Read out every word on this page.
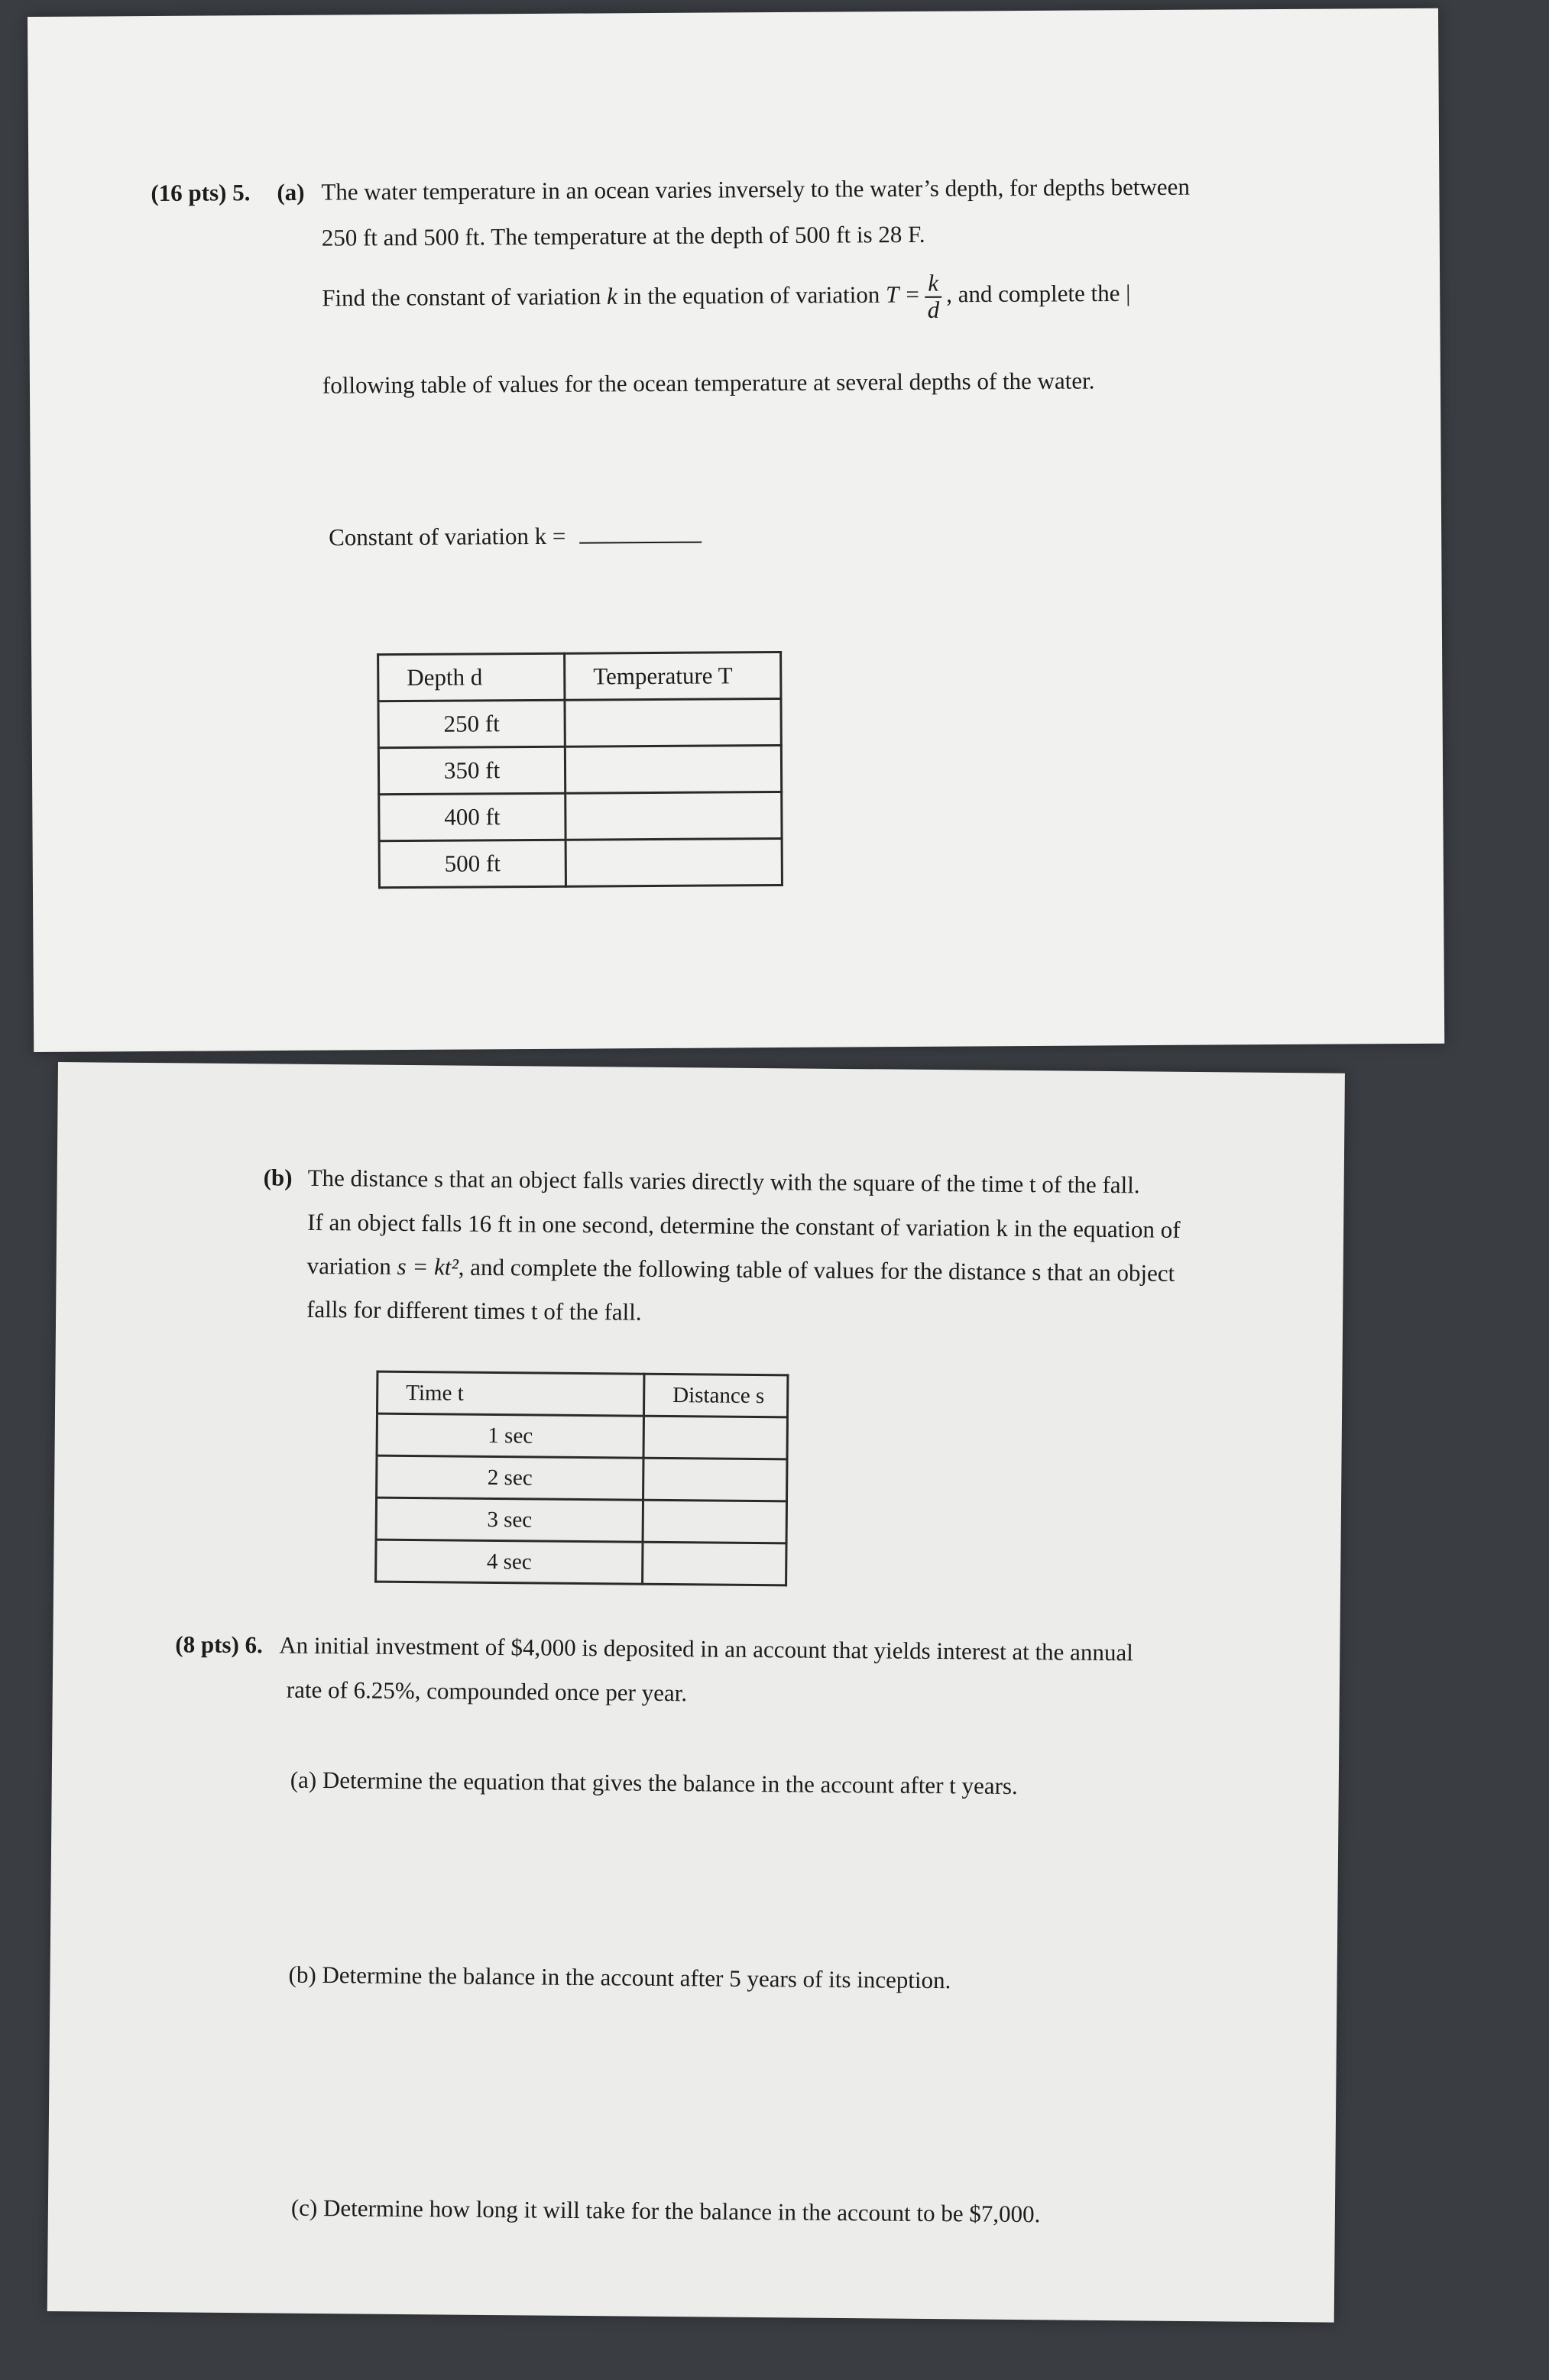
(16 pts) 5. (a) The water temperature in an ocean varies inversely to the water’s depth, for depths between
250 ft and 500 ft. The temperature at the depth of 500 ft is 28 F.
Find the constant of variation k in the equation of variation $T = \frac{k}{d}$ , and complete the |
following table of values for the ocean temperature at several depths of the water.
Constant of variation k =
Depth d	Temperature T
250 ft	
350 ft	
400 ft	
500 ft	
(b) The distance s that an object falls varies directly with the square of the time t of the fall.
If an object falls 16 ft in one second, determine the constant of variation k in the equation of
variation s = kt², and complete the following table of values for the distance s that an object
falls for different times t of the fall.
Time t	Distance s
1 sec	
2 sec	
3 sec	
4 sec	
(8 pts) 6. An initial investment of $4,000 is deposited in an account that yields interest at the annual
rate of 6.25%, compounded once per year.
(a) Determine the equation that gives the balance in the account after t years.
(b) Determine the balance in the account after 5 years of its inception.
(c) Determine how long it will take for the balance in the account to be $7,000.
